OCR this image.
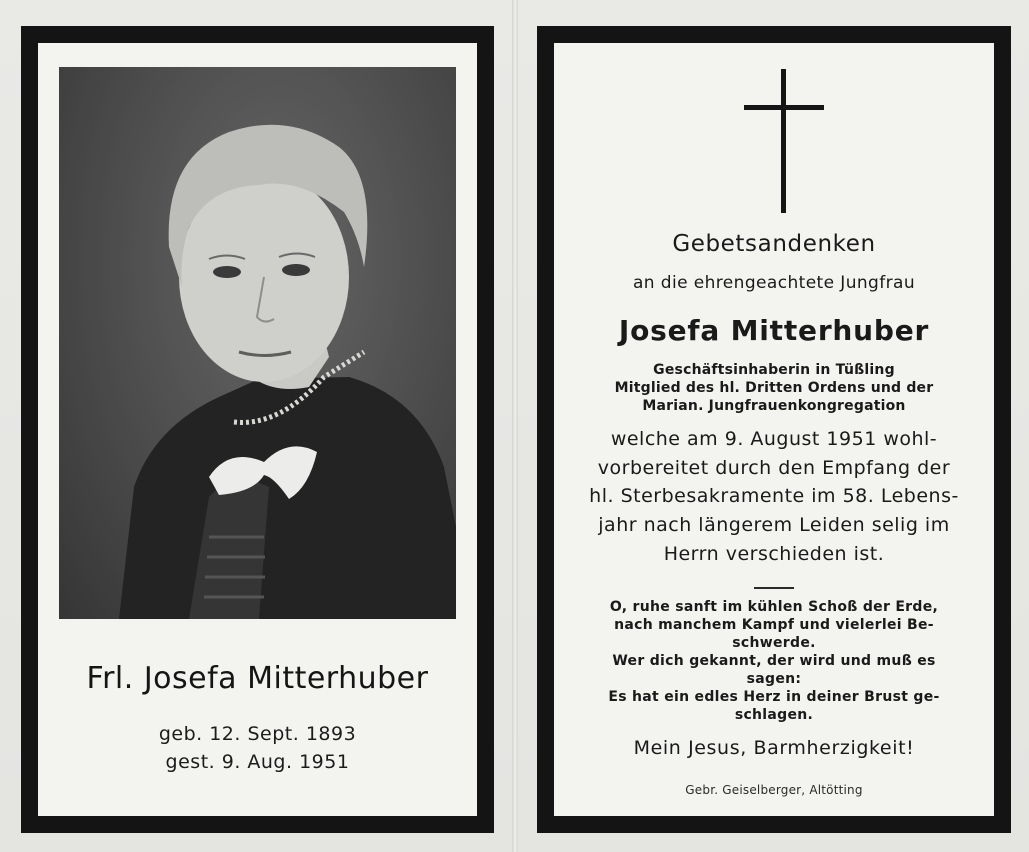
Frl. Josefa Mitterhuber
geb. 12. Sept. 1893
gest. 9. Aug. 1951
Gebetsandenken
an die ehrengeachtete Jungfrau
Josefa Mitterhuber
Geschäftsinhaberin in Tüßling
Mitglied des hl. Dritten Ordens und der
Marian. Jungfrauenkongregation
welche am 9. August 1951 wohl-
vorbereitet durch den Empfang der
hl. Sterbesakramente im 58. Lebens-
jahr nach längerem Leiden selig im
Herrn verschieden ist.
O, ruhe sanft im kühlen Schoß der Erde,
nach manchem Kampf und vielerlei Be-
schwerde.
Wer dich gekannt, der wird und muß es
sagen:
Es hat ein edles Herz in deiner Brust ge-
schlagen.
Mein Jesus, Barmherzigkeit!
Gebr. Geiselberger, Altötting
